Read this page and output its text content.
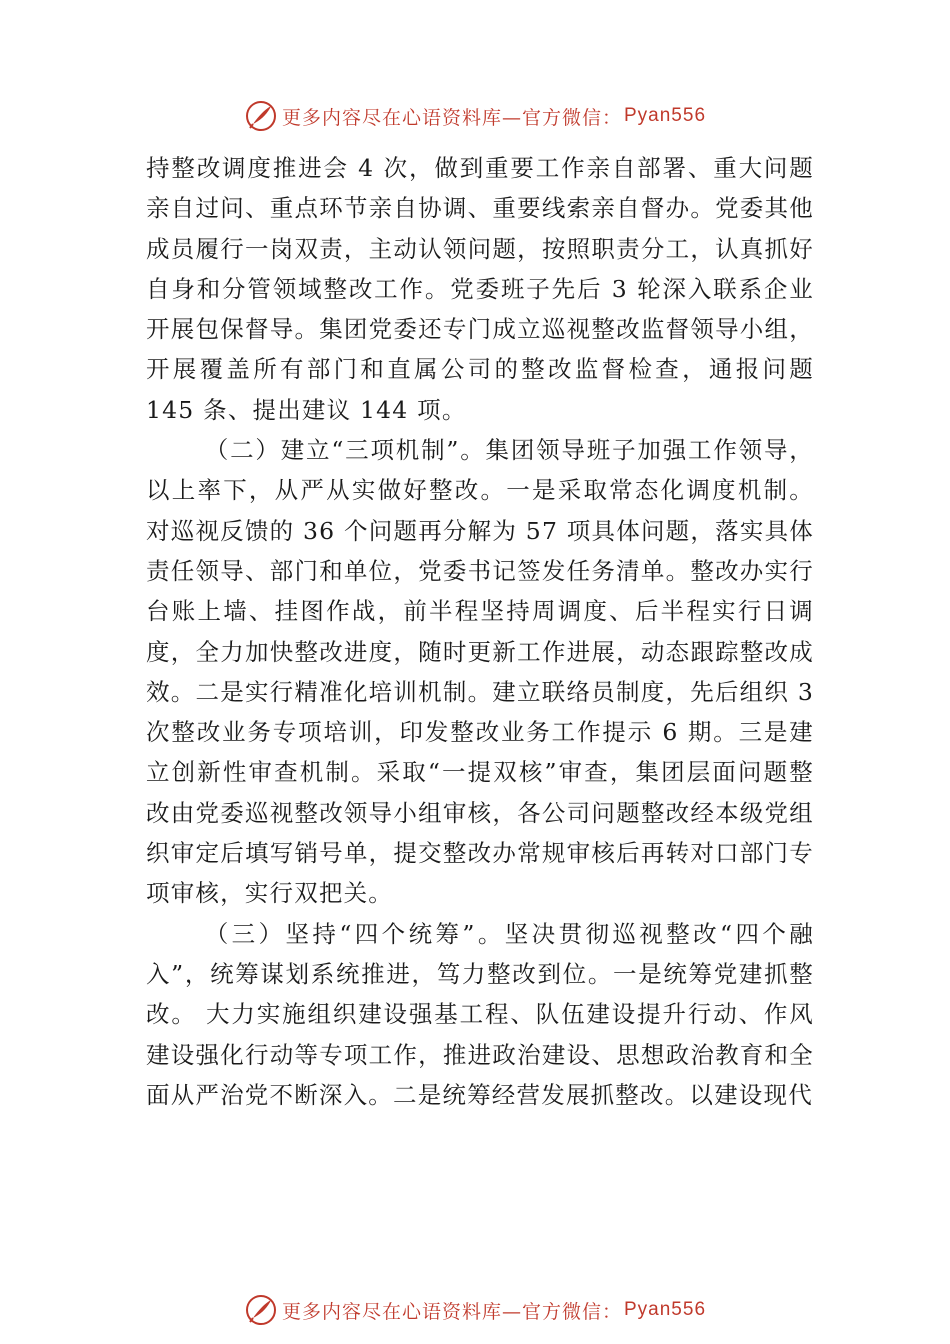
更多内容尽在心语资料库—官方微信： Pyan556

持整改调度推进会 4 次，做到重要工作亲自部署、重大问题亲自过问、重点环节亲自协调、重要线索亲自督办。党委其他成员履行一岗双责，主动认领问题，按照职责分工，认真抓好自身和分管领域整改工作。党委班子先后 3 轮深入联系企业开展包保督导。集团党委还专门成立巡视整改监督领导小组，开展覆盖所有部门和直属公司的整改监督检查，通报问题 145 条、提出建议 144 项。

（二）建立“三项机制”。集团领导班子加强工作领导，以上率下，从严从实做好整改。一是采取常态化调度机制。 对巡视反馈的 36 个问题再分解为 57 项具体问题，落实具体责任领导、部门和单位，党委书记签发任务清单。整改办实行台账上墙、挂图作战，前半程坚持周调度、后半程实行日调度，全力加快整改进度，随时更新工作进展，动态跟踪整改成效。二是实行精准化培训机制。建立联络员制度，先后组织 3 次整改业务专项培训，印发整改业务工作提示 6 期。三是建立创新性审查机制。采取“一提双核”审查，集团层面问题整改由党委巡视整改领导小组审核，各公司问题整改经本级党组织审定后填写销号单，提交整改办常规审核后再转对口部门专项审核，实行双把关。

（三）坚持“四个统筹”。坚决贯彻巡视整改“四个融入”，统筹谋划系统推进，笃力整改到位。一是统筹党建抓整改。 大力实施组织建设强基工程、队伍建设提升行动、作风建设强化行动等专项工作，推进政治建设、思想政治教育和全面从严治党不断深入。二是统筹经营发展抓整改。以建设现代

更多内容尽在心语资料库—官方微信： Pyan556
